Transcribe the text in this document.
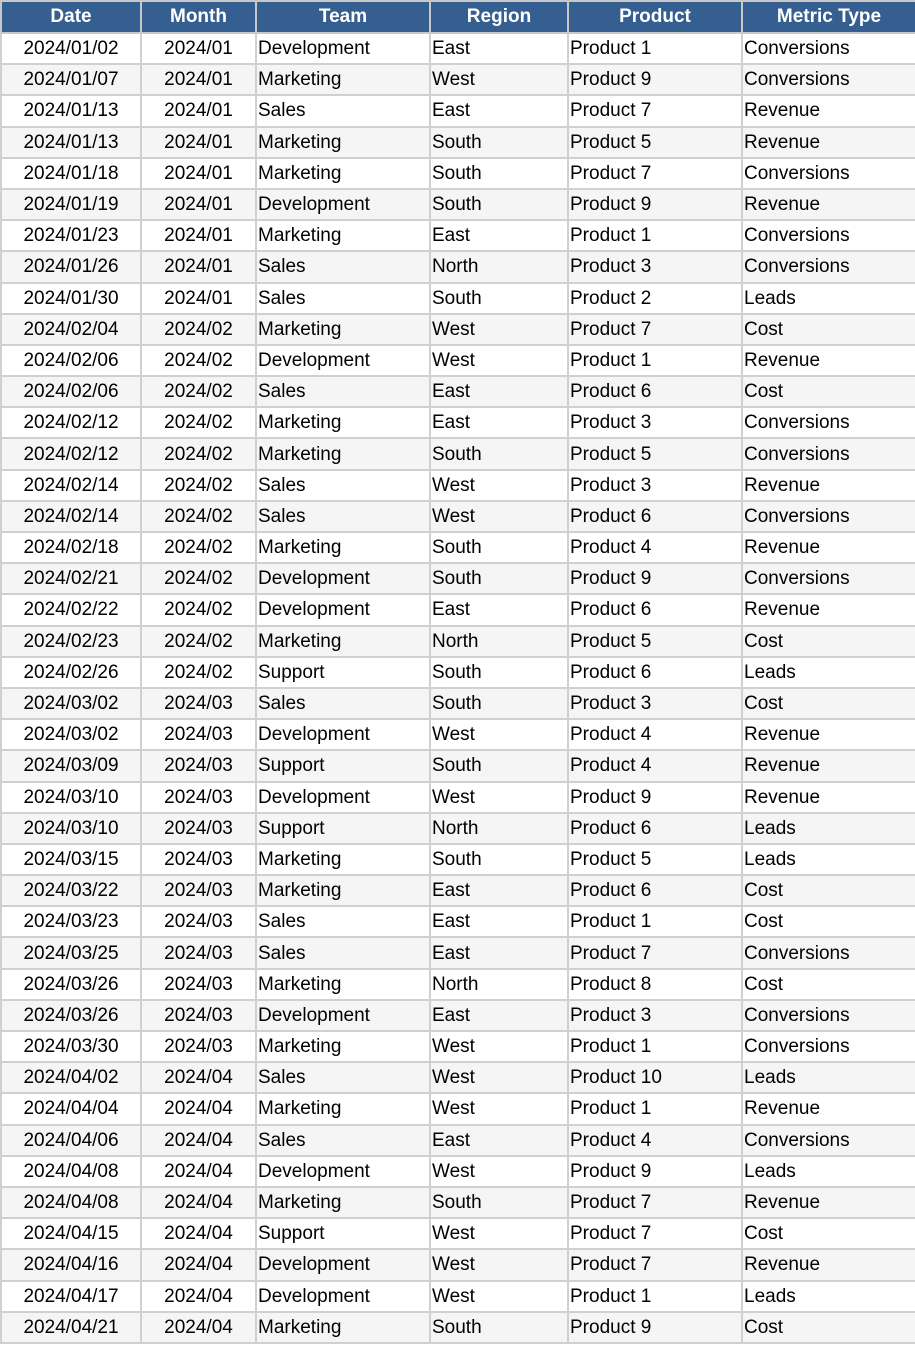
Date	Month	Team	Region	Product	Metric Type
2024/01/02	2024/01	Development	East	Product 1	Conversions
2024/01/07	2024/01	Marketing	West	Product 9	Conversions
2024/01/13	2024/01	Sales	East	Product 7	Revenue
2024/01/13	2024/01	Marketing	South	Product 5	Revenue
2024/01/18	2024/01	Marketing	South	Product 7	Conversions
2024/01/19	2024/01	Development	South	Product 9	Revenue
2024/01/23	2024/01	Marketing	East	Product 1	Conversions
2024/01/26	2024/01	Sales	North	Product 3	Conversions
2024/01/30	2024/01	Sales	South	Product 2	Leads
2024/02/04	2024/02	Marketing	West	Product 7	Cost
2024/02/06	2024/02	Development	West	Product 1	Revenue
2024/02/06	2024/02	Sales	East	Product 6	Cost
2024/02/12	2024/02	Marketing	East	Product 3	Conversions
2024/02/12	2024/02	Marketing	South	Product 5	Conversions
2024/02/14	2024/02	Sales	West	Product 3	Revenue
2024/02/14	2024/02	Sales	West	Product 6	Conversions
2024/02/18	2024/02	Marketing	South	Product 4	Revenue
2024/02/21	2024/02	Development	South	Product 9	Conversions
2024/02/22	2024/02	Development	East	Product 6	Revenue
2024/02/23	2024/02	Marketing	North	Product 5	Cost
2024/02/26	2024/02	Support	South	Product 6	Leads
2024/03/02	2024/03	Sales	South	Product 3	Cost
2024/03/02	2024/03	Development	West	Product 4	Revenue
2024/03/09	2024/03	Support	South	Product 4	Revenue
2024/03/10	2024/03	Development	West	Product 9	Revenue
2024/03/10	2024/03	Support	North	Product 6	Leads
2024/03/15	2024/03	Marketing	South	Product 5	Leads
2024/03/22	2024/03	Marketing	East	Product 6	Cost
2024/03/23	2024/03	Sales	East	Product 1	Cost
2024/03/25	2024/03	Sales	East	Product 7	Conversions
2024/03/26	2024/03	Marketing	North	Product 8	Cost
2024/03/26	2024/03	Development	East	Product 3	Conversions
2024/03/30	2024/03	Marketing	West	Product 1	Conversions
2024/04/02	2024/04	Sales	West	Product 10	Leads
2024/04/04	2024/04	Marketing	West	Product 1	Revenue
2024/04/06	2024/04	Sales	East	Product 4	Conversions
2024/04/08	2024/04	Development	West	Product 9	Leads
2024/04/08	2024/04	Marketing	South	Product 7	Revenue
2024/04/15	2024/04	Support	West	Product 7	Cost
2024/04/16	2024/04	Development	West	Product 7	Revenue
2024/04/17	2024/04	Development	West	Product 1	Leads
2024/04/21	2024/04	Marketing	South	Product 9	Cost
